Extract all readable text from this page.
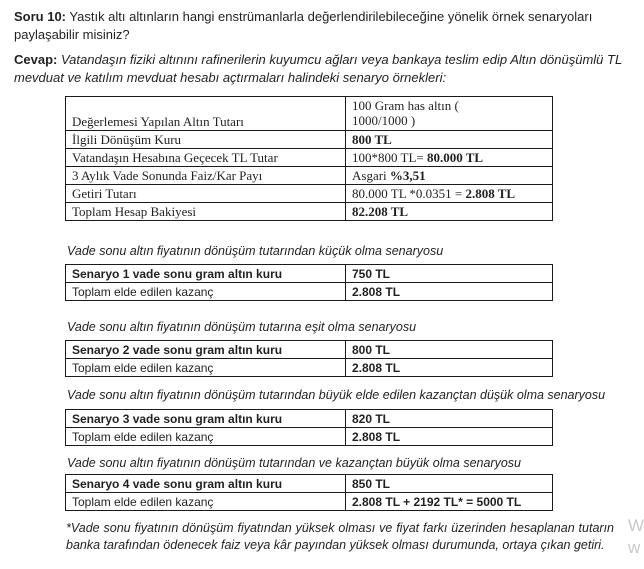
Soru 10: Yastık altı altınların hangi enstrümanlarla değerlendirilebileceğine yönelik örnek senaryoları
paylaşabilir misiniz?
Cevap: Vatandaşın fiziki altınını rafinerilerin kuyumcu ağları veya bankaya teslim edip Altın dönüşümlü TL
mevduat ve katılım mevduat hesabı açtırmaları halindeki senaryo örnekleri:
Değerlemesi Yapılan Altın Tutarı	100 Gram has altın (
1000/1000 )
İlgili Dönüşüm Kuru	800 TL
Vatandaşın Hesabına Geçecek TL Tutar	100*800 TL= 80.000 TL
3 Aylık Vade Sonunda Faiz/Kar Payı	Asgari %3,51
Getiri Tutarı	80.000 TL *0.0351 = 2.808 TL
Toplam Hesap Bakiyesi	82.208 TL
Vade sonu altın fiyatının dönüşüm tutarından küçük olma senaryosu
Senaryo 1 vade sonu gram altın kuru	750 TL
Toplam elde edilen kazanç	2.808 TL
Vade sonu altın fiyatının dönüşüm tutarına eşit olma senaryosu
Senaryo 2 vade sonu gram altın kuru	800 TL
Toplam elde edilen kazanç	2.808 TL
Vade sonu altın fiyatının dönüşüm tutarından büyük elde edilen kazançtan düşük olma senaryosu
Senaryo 3 vade sonu gram altın kuru	820 TL
Toplam elde edilen kazanç	2.808 TL
Vade sonu altın fiyatının dönüşüm tutarından ve kazançtan büyük olma senaryosu
Senaryo 4 vade sonu gram altın kuru	850 TL
Toplam elde edilen kazanç	2.808 TL + 2192 TL* = 5000 TL
*Vade sonu fiyatının dönüşüm fiyatından yüksek olması ve fiyat farkı üzerinden hesaplanan tutarın banka tarafından ödenecek faiz veya kâr payından yüksek olması durumunda, ortaya çıkan getiri.
W
w
